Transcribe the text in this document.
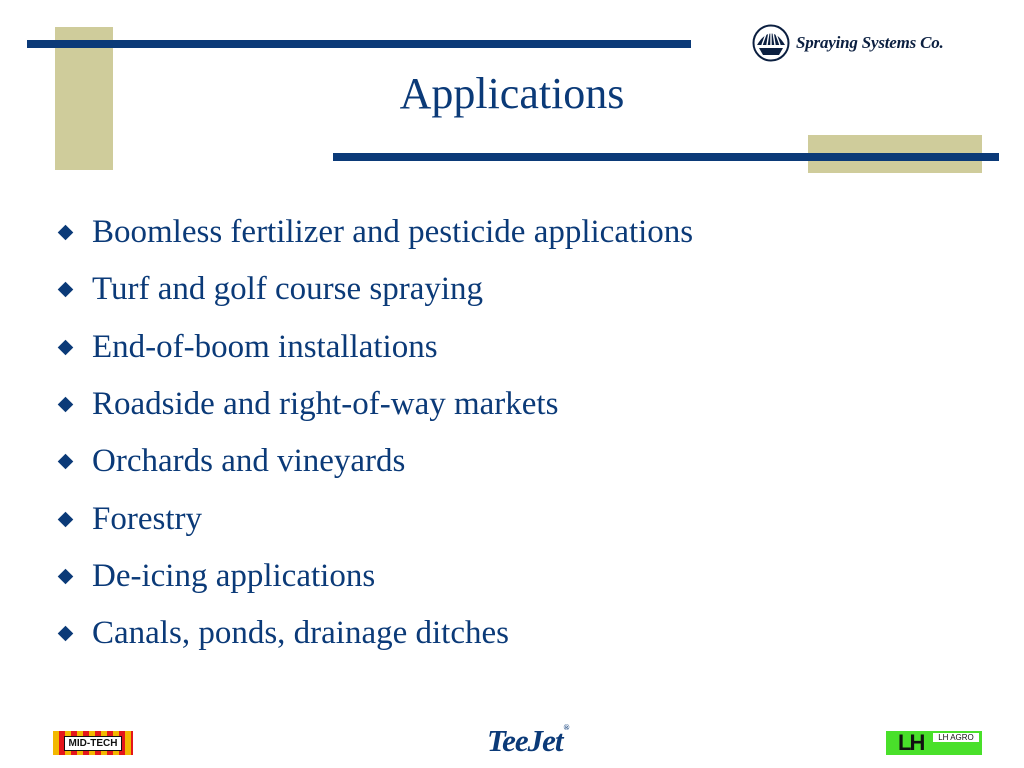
Spraying Systems Co.
Applications
Boomless fertilizer and pesticide applications
Turf and golf course spraying
End-of-boom installations
Roadside and right-of-way markets
Orchards and vineyards
Forestry
De-icing applications
Canals, ponds, drainage ditches
MID-TECH	TeeJet®
LH	LH AGRO
